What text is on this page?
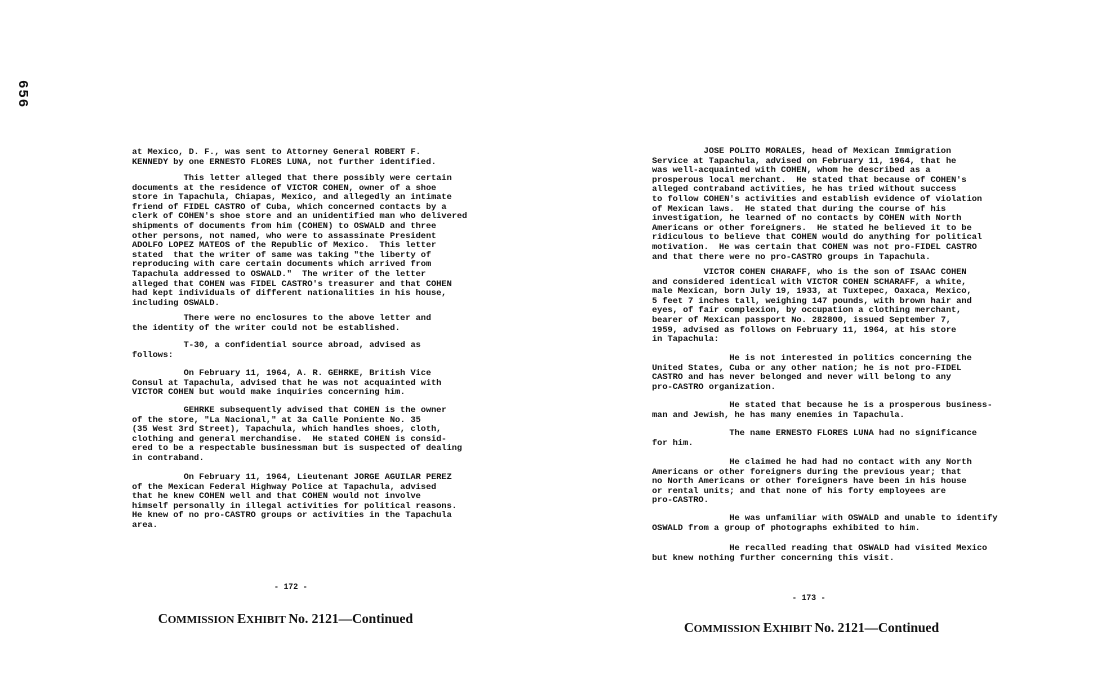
656

at Mexico, D. F., was sent to Attorney General ROBERT F.
KENNEDY by one ERNESTO FLORES LUNA, not further identified.

This letter alleged that there possibly were certain
documents at the residence of VICTOR COHEN, owner of a shoe
store in Tapachula, Chiapas, Mexico, and allegedly an intimate
friend of FIDEL CASTRO of Cuba, which concerned contacts by a
clerk of COHEN's shoe store and an unidentified man who delivered
shipments of documents from him (COHEN) to OSWALD and three
other persons, not named, who were to assassinate President
ADOLFO LOPEZ MATEOS of the Republic of Mexico.  This letter
stated  that the writer of same was taking "the liberty of
reproducing with care certain documents which arrived from
Tapachula addressed to OSWALD."  The writer of the letter
alleged that COHEN was FIDEL CASTRO's treasurer and that COHEN
had kept individuals of different nationalities in his house,
including OSWALD.

There were no enclosures to the above letter and
the identity of the writer could not be established.

T-30, a confidential source abroad, advised as
follows:

On February 11, 1964, A. R. GEHRKE, British Vice
Consul at Tapachula, advised that he was not acquainted with
VICTOR COHEN but would make inquiries concerning him.

GEHRKE subsequently advised that COHEN is the owner
of the store, "La Nacional," at 3a Calle Poniente No. 35
(35 West 3rd Street), Tapachula, which handles shoes, cloth,
clothing and general merchandise.  He stated COHEN is consid-
ered to be a respectable businessman but is suspected of dealing
in contraband.

On February 11, 1964, Lieutenant JORGE AGUILAR PEREZ
of the Mexican Federal Highway Police at Tapachula, advised
that he knew COHEN well and that COHEN would not involve
himself personally in illegal activities for political reasons.
He knew of no pro-CASTRO groups or activities in the Tapachula
area.

- 172 -
COMMISSION EXHIBIT No. 2121—Continued

JOSE POLITO MORALES, head of Mexican Immigration
Service at Tapachula, advised on February 11, 1964, that he
was well-acquainted with COHEN, whom he described as a
prosperous local merchant.  He stated that because of COHEN's
alleged contraband activities, he has tried without success
to follow COHEN's activities and establish evidence of violation
of Mexican laws.  He stated that during the course of his
investigation, he learned of no contacts by COHEN with North
Americans or other foreigners.  He stated he believed it to be
ridiculous to believe that COHEN would do anything for political
motivation.  He was certain that COHEN was not pro-FIDEL CASTRO
and that there were no pro-CASTRO groups in Tapachula.

VICTOR COHEN CHARAFF, who is the son of ISAAC COHEN
and considered identical with VICTOR COHEN SCHARAFF, a white,
male Mexican, born July 19, 1933, at Tuxtepec, Oaxaca, Mexico,
5 feet 7 inches tall, weighing 147 pounds, with brown hair and
eyes, of fair complexion, by occupation a clothing merchant,
bearer of Mexican passport No. 282800, issued September 7,
1959, advised as follows on February 11, 1964, at his store
in Tapachula:

He is not interested in politics concerning the
United States, Cuba or any other nation; he is not pro-FIDEL
CASTRO and has never belonged and never will belong to any
pro-CASTRO organization.

He stated that because he is a prosperous business-
man and Jewish, he has many enemies in Tapachula.

The name ERNESTO FLORES LUNA had no significance
for him.

He claimed he had had no contact with any North
Americans or other foreigners during the previous year; that
no North Americans or other foreigners have been in his house
or rental units; and that none of his forty employees are
pro-CASTRO.

He was unfamiliar with OSWALD and unable to identify
OSWALD from a group of photographs exhibited to him.

He recalled reading that OSWALD had visited Mexico
but knew nothing further concerning this visit.

- 173 -
COMMISSION EXHIBIT No. 2121—Continued
